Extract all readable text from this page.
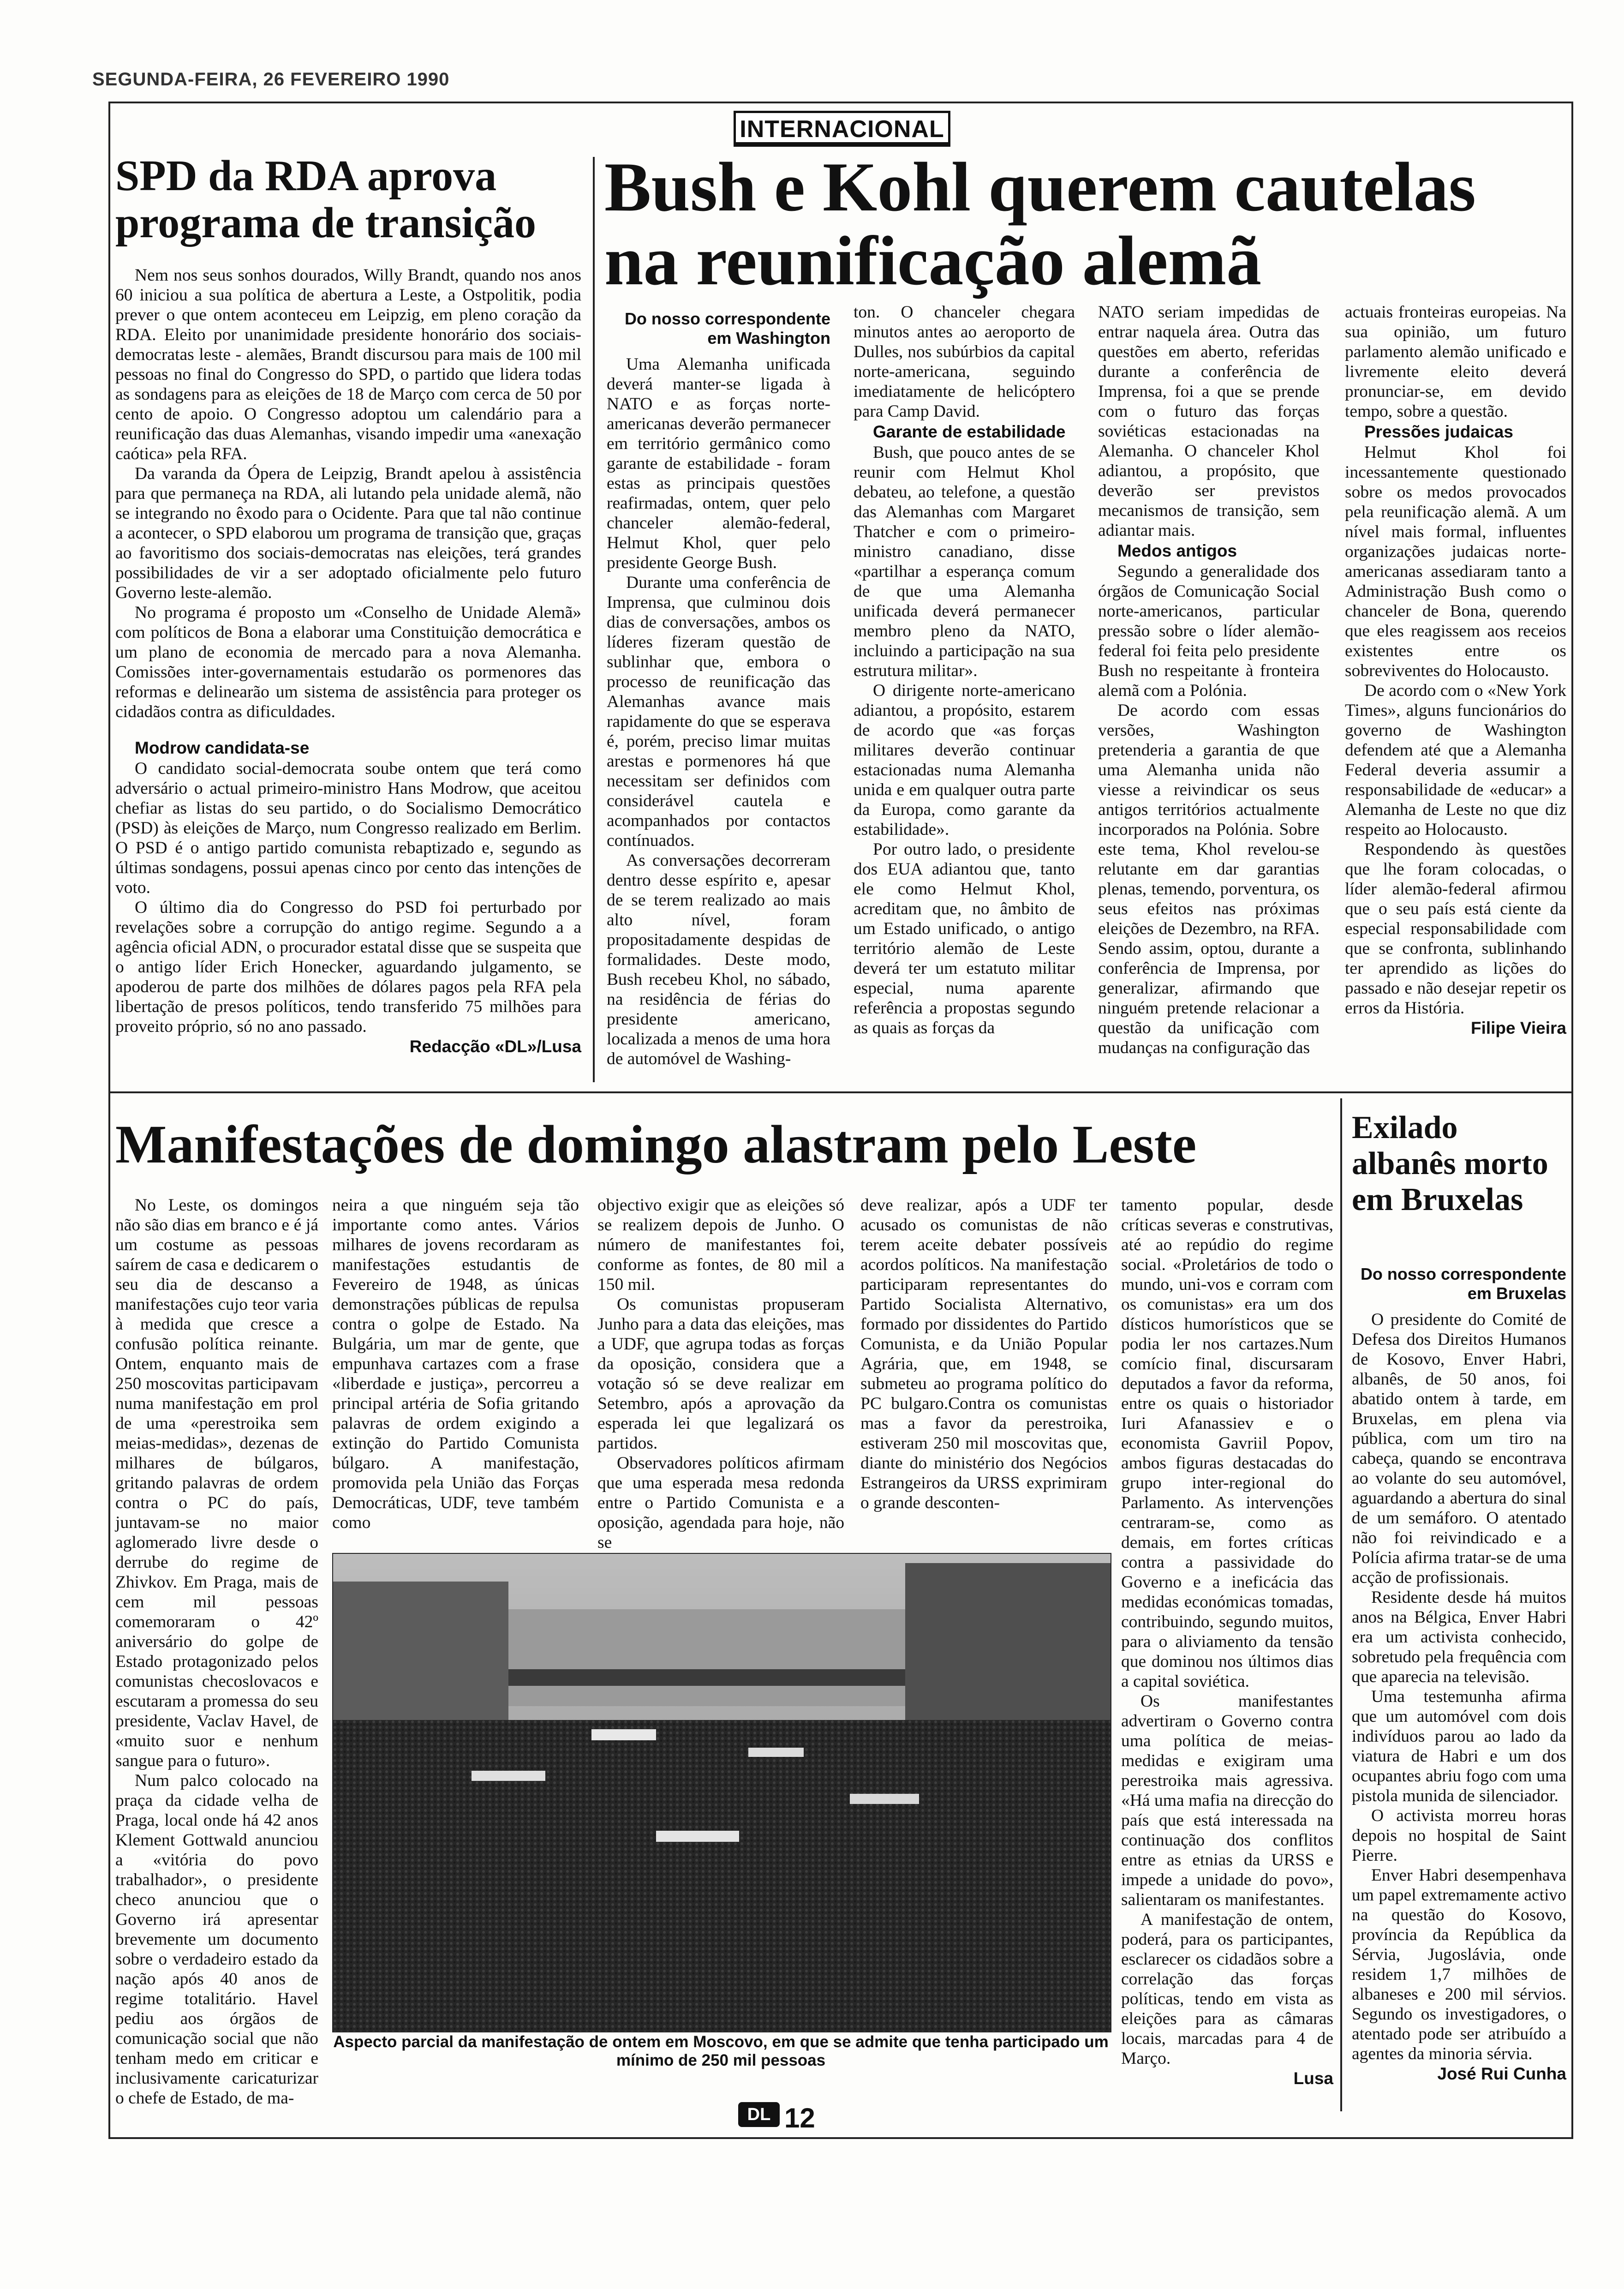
SEGUNDA-FEIRA, 26 FEVEREIRO 1990
INTERNACIONAL
SPD da RDA aprova programa de transição

Nem nos seus sonhos dourados, Willy Brandt, quando nos anos 60 iniciou a sua política de abertura a Leste, a Ostpolitik, podia prever o que ontem aconteceu em Leipzig, em pleno coração da RDA. Eleito por unanimidade presidente honorário dos sociais-democratas leste - alemães, Brandt discursou para mais de 100 mil pessoas no final do Congresso do SPD, o partido que lidera todas as sondagens para as eleições de 18 de Março com cerca de 50 por cento de apoio. O Congresso adoptou um calendário para a reunificação das duas Alemanhas, visando impedir uma «anexação caótica» pela RFA.

Da varanda da Ópera de Leipzig, Brandt apelou à assistência para que permaneça na RDA, ali lutando pela unidade alemã, não se integrando no êxodo para o Ocidente. Para que tal não continue a acontecer, o SPD elaborou um programa de transição que, graças ao favoritismo dos sociais-democratas nas eleições, terá grandes possibilidades de vir a ser adoptado oficialmente pelo futuro Governo leste-alemão.

No programa é proposto um «Conselho de Unidade Alemã» com políticos de Bona a elaborar uma Constituição democrática e um plano de economia de mercado para a nova Alemanha. Comissões inter-governamentais estudarão os pormenores das reformas e delinearão um sistema de assistência para proteger os cidadãos contra as dificuldades.

Modrow candidata-se

O candidato social-democrata soube ontem que terá como adversário o actual primeiro-ministro Hans Modrow, que aceitou chefiar as listas do seu partido, o do Socialismo Democrático (PSD) às eleições de Março, num Congresso realizado em Berlim. O PSD é o antigo partido comunista rebaptizado e, segundo as últimas sondagens, possui apenas cinco por cento das intenções de voto.

O último dia do Congresso do PSD foi perturbado por revelações sobre a corrupção do antigo regime. Segundo a a agência oficial ADN, o procurador estatal disse que se suspeita que o antigo líder Erich Honecker, aguardando julgamento, se apoderou de parte dos milhões de dólares pagos pela RFA pela libertação de presos políticos, tendo transferido 75 milhões para proveito próprio, só no ano passado.

Redacção «DL»/Lusa
Bush e Kohl querem cautelas na reunificação alemã
Do nosso correspondente em Washington

Uma Alemanha unificada deverá manter-se ligada à NATO e as forças norte-americanas deverão permanecer em território germânico como garante de estabilidade - foram estas as principais questões reafirmadas, ontem, quer pelo chanceler alemão-federal, Helmut Khol, quer pelo presidente George Bush.

Durante uma conferência de Imprensa, que culminou dois dias de conversações, ambos os líderes fizeram questão de sublinhar que, embora o processo de reunificação das Alemanhas avance mais rapidamente do que se esperava é, porém, preciso limar muitas arestas e pormenores há que necessitam ser definidos com considerável cautela e acompanhados por contactos contínuados.

As conversações decorreram dentro desse espírito e, apesar de se terem realizado ao mais alto nível, foram propositadamente despidas de formalidades. Deste modo, Bush recebeu Khol, no sábado, na residência de férias do presidente americano, localizada a menos de uma hora de automóvel de Washing-

ton. O chanceler chegara minutos antes ao aeroporto de Dulles, nos subúrbios da capital norte-americana, seguindo imediatamente de helicóptero para Camp David.

Garante de estabilidade

Bush, que pouco antes de se reunir com Helmut Khol debateu, ao telefone, a questão das Alemanhas com Margaret Thatcher e com o primeiro-ministro canadiano, disse «partilhar a esperança comum de que uma Alemanha unificada deverá permanecer membro pleno da NATO, incluindo a participação na sua estrutura militar».

O dirigente norte-americano adiantou, a propósito, estarem de acordo que «as forças militares deverão continuar estacionadas numa Alemanha unida e em qualquer outra parte da Europa, como garante da estabilidade».

Por outro lado, o presidente dos EUA adiantou que, tanto ele como Helmut Khol, acreditam que, no âmbito de um Estado unificado, o antigo território alemão de Leste deverá ter um estatuto militar especial, numa aparente referência a propostas segundo as quais as forças da

NATO seriam impedidas de entrar naquela área. Outra das questões em aberto, referidas durante a conferência de Imprensa, foi a que se prende com o futuro das forças soviéticas estacionadas na Alemanha. O chanceler Khol adiantou, a propósito, que deverão ser previstos mecanismos de transição, sem adiantar mais.

Medos antigos

Segundo a generalidade dos órgãos de Comunicação Social norte-americanos, particular pressão sobre o líder alemão-federal foi feita pelo presidente Bush no respeitante à fronteira alemã com a Polónia.

De acordo com essas versões, Washington pretenderia a garantia de que uma Alemanha unida não viesse a reivindicar os seus antigos territórios actualmente incorporados na Polónia. Sobre este tema, Khol revelou-se relutante em dar garantias plenas, temendo, porventura, os seus efeitos nas próximas eleições de Dezembro, na RFA. Sendo assim, optou, durante a conferência de Imprensa, por generalizar, afirmando que ninguém pretende relacionar a questão da unificação com mudanças na configuração das

actuais fronteiras europeias. Na sua opinião, um futuro parlamento alemão unificado e livremente eleito deverá pronunciar-se, em devido tempo, sobre a questão.

Pressões judaicas

Helmut Khol foi incessantemente questionado sobre os medos provocados pela reunificação alemã. A um nível mais formal, influentes organizações judaicas norte-americanas assediaram tanto a Administração Bush como o chanceler de Bona, querendo que eles reagissem aos receios existentes entre os sobreviventes do Holocausto.

De acordo com o «New York Times», alguns funcionários do governo de Washington defendem até que a Alemanha Federal deveria assumir a responsabilidade de «educar» a Alemanha de Leste no que diz respeito ao Holocausto.

Respondendo às questões que lhe foram colocadas, o líder alemão-federal afirmou que o seu país está ciente da especial responsabilidade com que se confronta, sublinhando ter aprendido as lições do passado e não desejar repetir os erros da História.

Filipe Vieira
Manifestações de domingo alastram pelo Leste

No Leste, os domingos não são dias em branco e é já um costume as pessoas saírem de casa e dedicarem o seu dia de descanso a manifestações cujo teor varia à medida que cresce a confusão política reinante. Ontem, enquanto mais de 250 moscovitas participavam numa manifestação em prol de uma «perestroika sem meias-medidas», dezenas de milhares de búlgaros, gritando palavras de ordem contra o PC do país, juntavam-se no maior aglomerado livre desde o derrube do regime de Zhivkov. Em Praga, mais de cem mil pessoas comemoraram o 42º aniversário do golpe de Estado protagonizado pelos comunistas checoslovacos e escutaram a promessa do seu presidente, Vaclav Havel, de «muito suor e nenhum sangue para o futuro».

Num palco colocado na praça da cidade velha de Praga, local onde há 42 anos Klement Gottwald anunciou a «vitória do povo trabalhador», o presidente checo anunciou que o Governo irá apresentar brevemente um documento sobre o verdadeiro estado da nação após 40 anos de regime totalitário. Havel pediu aos órgãos de comunicação social que não tenham medo em criticar e inclusivamente caricaturizar o chefe de Estado, de ma-

neira a que ninguém seja tão importante como antes. Vários milhares de jovens recordaram as manifestações estudantis de Fevereiro de 1948, as únicas demonstrações públicas de repulsa contra o golpe de Estado. Na Bulgária, um mar de gente, que empunhava cartazes com a frase «liberdade e justiça», percorreu a principal artéria de Sofia gritando palavras de ordem exigindo a extinção do Partido Comunista búlgaro. A manifestação, promovida pela União das Forças Democráticas, UDF, teve também como

objectivo exigir que as eleições só se realizem depois de Junho. O número de manifestantes foi, conforme as fontes, de 80 mil a 150 mil.

Os comunistas propuseram Junho para a data das eleições, mas a UDF, que agrupa todas as forças da oposição, considera que a votação só se deve realizar em Setembro, após a aprovação da esperada lei que legalizará os partidos.

Observadores políticos afirmam que uma esperada mesa redonda entre o Partido Comunista e a oposição, agendada para hoje, não se

deve realizar, após a UDF ter acusado os comunistas de não terem aceite debater possíveis acordos políticos. Na manifestação participaram representantes do Partido Socialista Alternativo, formado por dissidentes do Partido Comunista, e da União Popular Agrária, que, em 1948, se submeteu ao programa político do PC bulgaro.Contra os comunistas mas a favor da perestroika, estiveram 250 mil moscovitas que, diante do ministério dos Negócios Estrangeiros da URSS exprimiram o grande desconten-

tamento popular, desde críticas severas e construtivas, até ao repúdio do regime social. «Proletários de todo o mundo, uni-vos e corram com os comunistas» era um dos dísticos humorísticos que se podia ler nos cartazes.Num comício final, discursaram deputados a favor da reforma, entre os quais o historiador Iuri Afanassiev e o economista Gavriil Popov, ambos figuras destacadas do grupo inter-regional do Parlamento. As intervenções centraram-se, como as demais, em fortes críticas contra a passividade do Governo e a ineficácia das medidas económicas tomadas, contribuindo, segundo muitos, para o aliviamento da tensão que dominou nos últimos dias a capital soviética.

Os manifestantes advertiram o Governo contra uma política de meias-medidas e exigiram uma perestroika mais agressiva. «Há uma mafia na direcção do país que está interessada na continuação dos conflitos entre as etnias da URSS e impede a unidade do povo», salientaram os manifestantes.

A manifestação de ontem, poderá, para os participantes, esclarecer os cidadãos sobre a correlação das forças políticas, tendo em vista as eleições para as câmaras locais, marcadas para 4 de Março.

Lusa
Aspecto parcial da manifestação de ontem em Moscovo, em que se admite que tenha participado um mínimo de 250 mil pessoas
Exilado albanês morto em Bruxelas
Do nosso correspondente em Bruxelas

O presidente do Comité de Defesa dos Direitos Humanos de Kosovo, Enver Habri, albanês, de 50 anos, foi abatido ontem à tarde, em Bruxelas, em plena via pública, com um tiro na cabeça, quando se encontrava ao volante do seu automóvel, aguardando a abertura do sinal de um semáforo. O atentado não foi reivindicado e a Polícia afirma tratar-se de uma acção de profissionais.

Residente desde há muitos anos na Bélgica, Enver Habri era um activista conhecido, sobretudo pela frequência com que aparecia na televisão.

Uma testemunha afirma que um automóvel com dois indivíduos parou ao lado da viatura de Habri e um dos ocupantes abriu fogo com uma pistola munida de silenciador.

O activista morreu horas depois no hospital de Saint Pierre.

Enver Habri desempenhava um papel extremamente activo na questão do Kosovo, província da República da Sérvia, Jugoslávia, onde residem 1,7 milhões de albaneses e 200 mil sérvios. Segundo os investigadores, o atentado pode ser atribuído a agentes da minoria sérvia.

José Rui Cunha
DL 12
